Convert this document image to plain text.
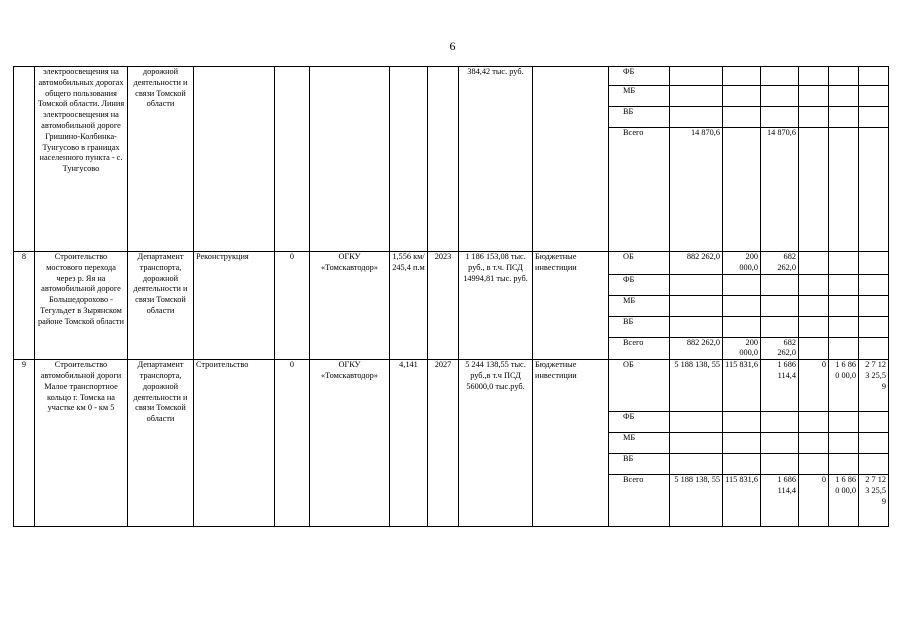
6
	электроосвещения на автомобильных дорогах общего пользования Томской области. Линия электроосвещения на автомобильной дороге Гришино-Колбинка-Тунгусово в границах населенного пункта - с. Тунгусово	дорожной деятельности и связи Томской области						384,42 тыс. руб.		ФБ						
										МБ						
										ВБ						
										Всего	14 870,6		14 870,6			
8	Строительство мостового перехода через р. Яя на автомобильной дороге Большедорохово - Тегульдет в Зырянском районе Томской области	Департамент транспорта, дорожной деятельности и связи Томской области	Реконструкция	0	ОГКУ «Томскавтодор»	1,556 км/ 245,4 п.м	2023	1 186 153,08 тыс. руб., в т.ч. ПСД 14994,81 тыс. руб.	Бюджетные инвестиции	ОБ	882 262,0	200 000,0	682 262,0			
										ФБ						
										МБ						
										ВБ						
										Всего	882 262,0	200 000,0	682 262,0			
9	Строительство автомобильной дороги Малое транспортное кольцо г. Томска на участке км 0 - км 5	Департамент транспорта, дорожной деятельности и связи Томской области	Строительство	0	ОГКУ «Томскавтодор»	4,141	2027	5 244 138,55 тыс. руб.,в т.ч ПСД 56000,0 тыс.руб.	Бюджетные инвестиции	ОБ	5 188 138, 55	115 831,6	1 686 114,4	0	1 6 86 0 00,0	2 7 12 3 25,5 9
										ФБ						
										МБ						
										ВБ						
										Всего	5 188 138, 55	115 831,6	1 686 114,4	0	1 6 86 0 00,0	2 7 12 3 25,5 9
